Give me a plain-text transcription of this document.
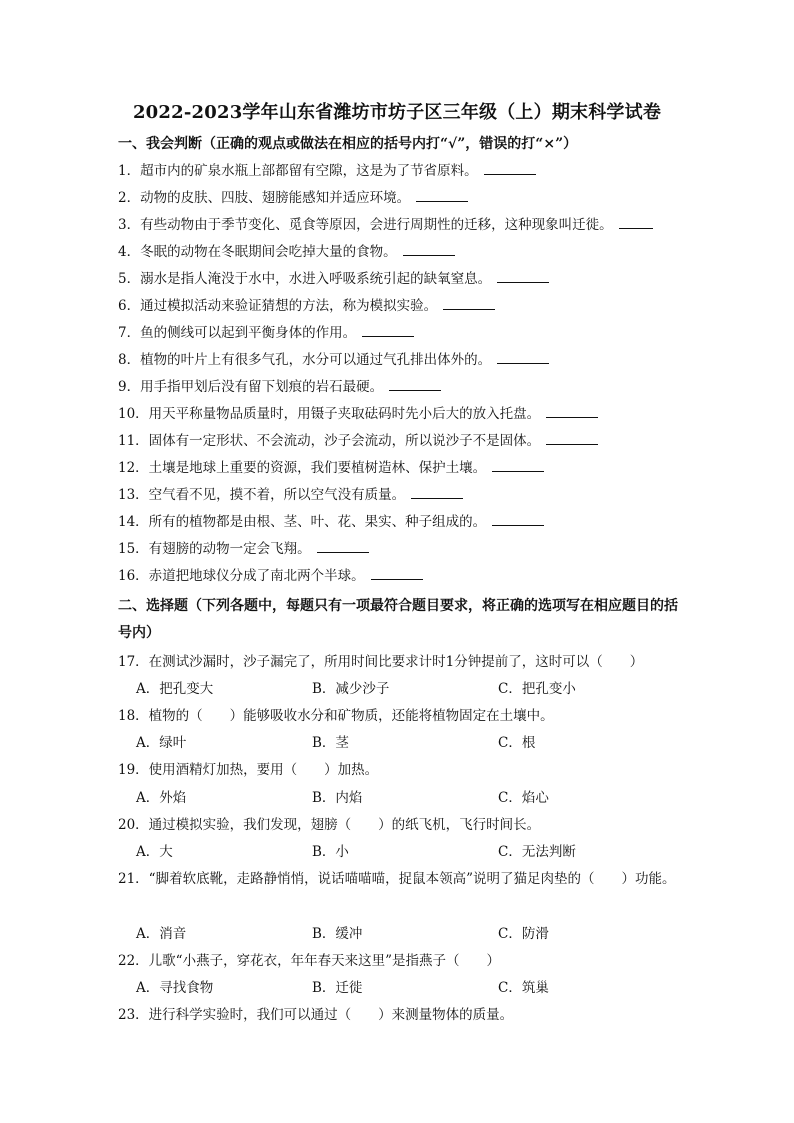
2022-2023学年山东省潍坊市坊子区三年级（上）期末科学试卷
一、我会判断（正确的观点或做法在相应的括号内打“√”，错误的打“×”）
1．超市内的矿泉水瓶上部都留有空隙，这是为了节省原料。
2．动物的皮肤、四肢、翅膀能感知并适应环境。
3．有些动物由于季节变化、觅食等原因，会进行周期性的迁移，这种现象叫迁徙。
4．冬眠的动物在冬眠期间会吃掉大量的食物。
5．溺水是指人淹没于水中，水进入呼吸系统引起的缺氧窒息。
6．通过模拟活动来验证猜想的方法，称为模拟实验。
7．鱼的侧线可以起到平衡身体的作用。
8．植物的叶片上有很多气孔，水分可以通过气孔排出体外的。
9．用手指甲划后没有留下划痕的岩石最硬。
10．用天平称量物品质量时，用镊子夹取砝码时先小后大的放入托盘。
11．固体有一定形状、不会流动，沙子会流动，所以说沙子不是固体。
12．土壤是地球上重要的资源，我们要植树造林、保护土壤。
13．空气看不见，摸不着，所以空气没有质量。
14．所有的植物都是由根、茎、叶、花、果实、种子组成的。
15．有翅膀的动物一定会飞翔。
16．赤道把地球仪分成了南北两个半球。
二、选择题（下列各题中，每题只有一项最符合题目要求，将正确的选项写在相应题目的括号内）
17．在测试沙漏时，沙子漏完了，所用时间比要求计时1分钟提前了，这时可以（　　）
A．把孔变大	B．减少沙子	C．把孔变小
18．植物的（　　）能够吸收水分和矿物质，还能将植物固定在土壤中。
A．绿叶	B．茎	C．根
19．使用酒精灯加热，要用（　　）加热。
A．外焰	B．内焰	C．焰心
20．通过模拟实验，我们发现，翅膀（　　）的纸飞机，飞行时间长。
A．大	B．小	C．无法判断
21．“脚着软底靴，走路静悄悄，说话喵喵喵，捉鼠本领高”说明了猫足肉垫的（　　）功能。
A．消音	B．缓冲	C．防滑
22．儿歌“小燕子，穿花衣，年年春天来这里”是指燕子（　　）
A．寻找食物	B．迁徙	C．筑巢
23．进行科学实验时，我们可以通过（　　）来测量物体的质量。
